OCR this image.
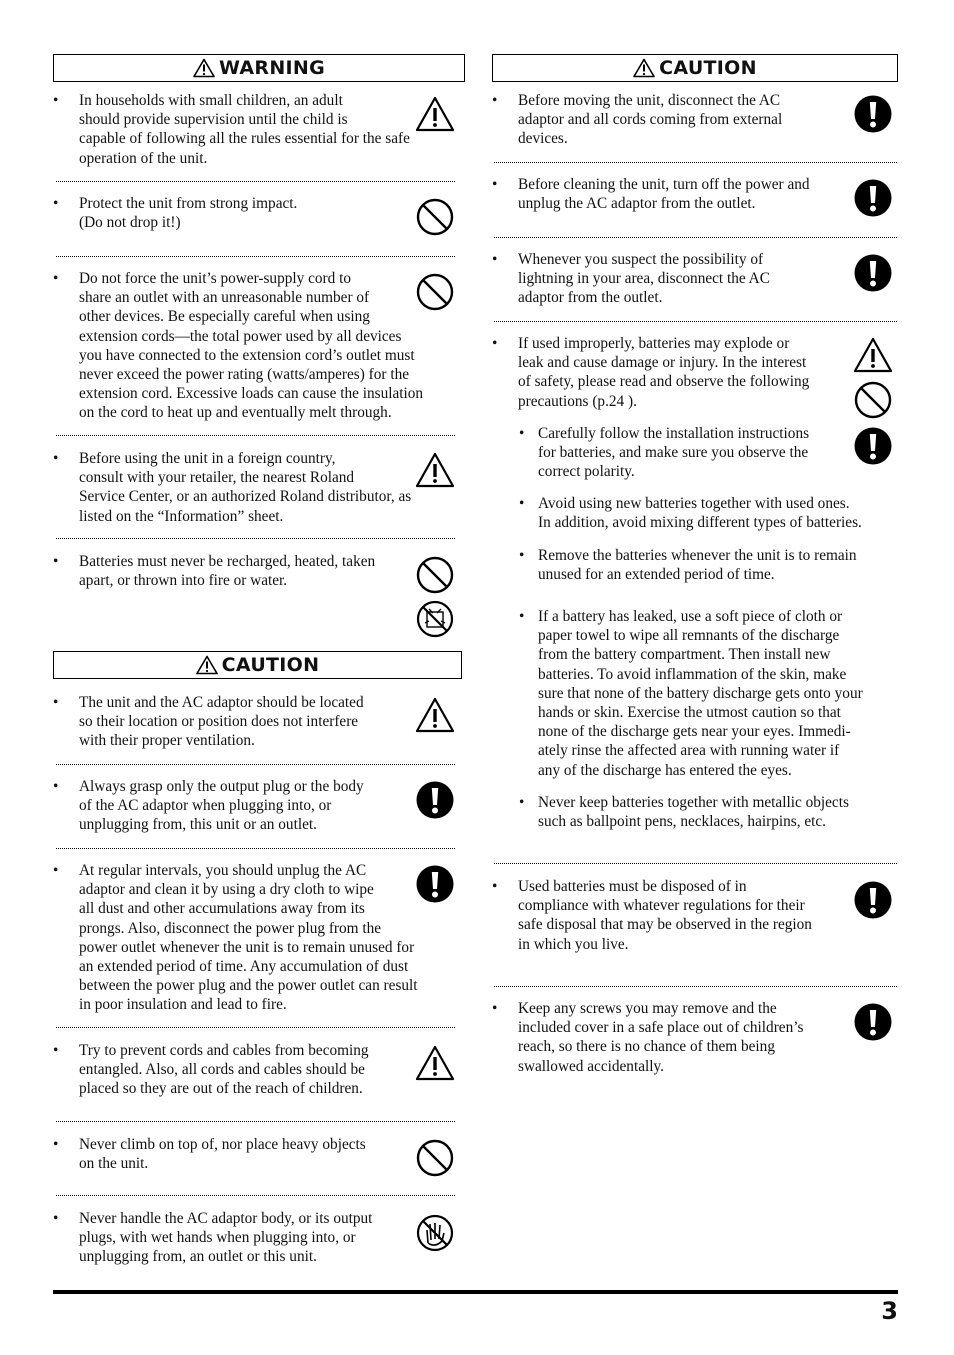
WARNING
•	In households with small children, an adult
should provide supervision until the child is
capable of following all the rules essential for the safe
operation of the unit.
•	Protect the unit from strong impact.
(Do not drop it!)
•	Do not force the unit’s power-supply cord to
share an outlet with an unreasonable number of
other devices. Be especially careful when using
extension cords—the total power used by all devices
you have connected to the extension cord’s outlet must
never exceed the power rating (watts/amperes) for the
extension cord. Excessive loads can cause the insulation
on the cord to heat up and eventually melt through.
•	Before using the unit in a foreign country,
consult with your retailer, the nearest Roland
Service Center, or an authorized Roland distributor, as
listed on the “Information” sheet.
•	Batteries must never be recharged, heated, taken
apart, or thrown into fire or water.
CAUTION
•	The unit and the AC adaptor should be located
so their location or position does not interfere
with their proper ventilation.
•	Always grasp only the output plug or the body
of the AC adaptor when plugging into, or
unplugging from, this unit or an outlet.
•	At regular intervals, you should unplug the AC
adaptor and clean it by using a dry cloth to wipe
all dust and other accumulations away from its
prongs. Also, disconnect the power plug from the
power outlet whenever the unit is to remain unused for
an extended period of time. Any accumulation of dust
between the power plug and the power outlet can result
in poor insulation and lead to fire.
•	Try to prevent cords and cables from becoming
entangled. Also, all cords and cables should be
placed so they are out of the reach of children.
•	Never climb on top of, nor place heavy objects
on the unit.
•	Never handle the AC adaptor body, or its output
plugs, with wet hands when plugging into, or
unplugging from, an outlet or this unit.
CAUTION
•	Before moving the unit, disconnect the AC
adaptor and all cords coming from external
devices.
•	Before cleaning the unit, turn off the power and
unplug the AC adaptor from the outlet.
•	Whenever you suspect the possibility of
lightning in your area, disconnect the AC
adaptor from the outlet.
•	If used improperly, batteries may explode or
leak and cause damage or injury. In the interest
of safety, please read and observe the following
precautions (p.24 ).
• Carefully follow the installation instructions
for batteries, and make sure you observe the
correct polarity.
• Avoid using new batteries together with used ones.
In addition, avoid mixing different types of batteries.
• Remove the batteries whenever the unit is to remain
unused for an extended period of time.
• If a battery has leaked, use a soft piece of cloth or
paper towel to wipe all remnants of the discharge
from the battery compartment. Then install new
batteries. To avoid inflammation of the skin, make
sure that none of the battery discharge gets onto your
hands or skin. Exercise the utmost caution so that
none of the discharge gets near your eyes. Immedi-
ately rinse the affected area with running water if
any of the discharge has entered the eyes.
• Never keep batteries together with metallic objects
such as ballpoint pens, necklaces, hairpins, etc.
•	Used batteries must be disposed of in
compliance with whatever regulations for their
safe disposal that may be observed in the region
in which you live.
•	Keep any screws you may remove and the
included cover in a safe place out of children’s
reach, so there is no chance of them being
swallowed accidentally.
3
